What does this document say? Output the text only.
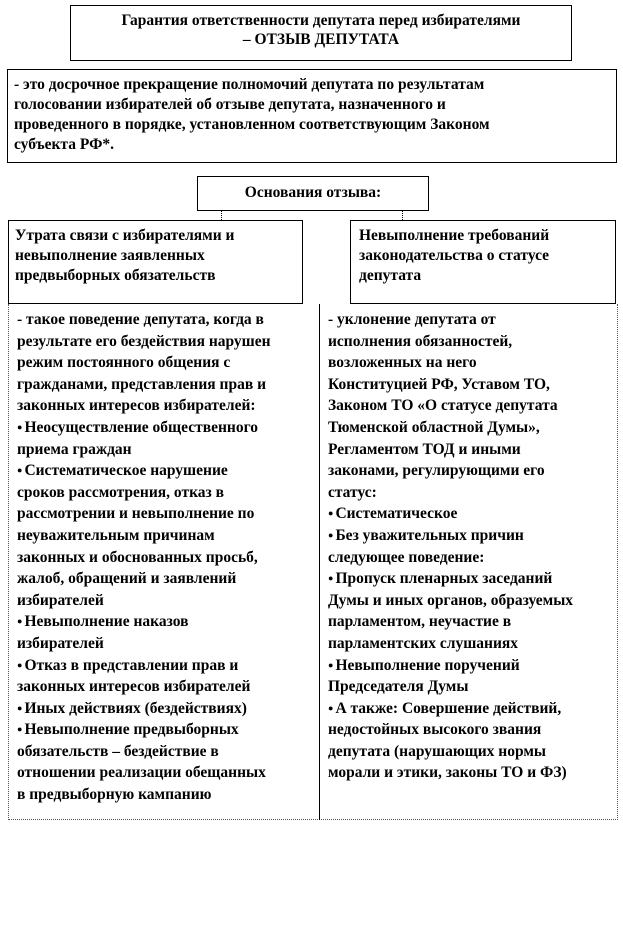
Гарантия ответственности депутата перед избирателями
– ОТЗЫВ ДЕПУТАТА
- это досрочное прекращение полномочий депутата по результатам
голосовании избирателей об отзыве депутата, назначенного и
проведенного в порядке, установленном соответствующим Законом
субъекта РФ*.
Основания отзыва:
Утрата связи с избирателями и
невыполнение заявленных
предвыборных обязательств
Невыполнение требований
законодательства о статусе
депутата
- такое поведение депутата, когда в
результате его бездействия нарушен
режим постоянного общения с
гражданами, представления прав и
законных интересов избирателей:
● Неосуществление общественного
приема граждан
● Систематическое нарушение
сроков рассмотрения, отказ в
рассмотрении и невыполнение по
неуважительным причинам
законных и обоснованных просьб,
жалоб, обращений и заявлений
избирателей
● Невыполнение наказов
избирателей
● Отказ в представлении прав и
законных интересов избирателей
● Иных действиях (бездействиях)
● Невыполнение предвыборных
обязательств – бездействие в
отношении реализации обещанных
в предвыборную кампанию
- уклонение депутата от
исполнения обязанностей,
возложенных на него
Конституцией РФ, Уставом ТО,
Законом ТО «О статусе депутата
Тюменской областной Думы»,
Регламентом ТОД и иными
законами, регулирующими его
статус:
● Систематическое
● Без уважительных причин
следующее поведение:
● Пропуск пленарных заседаний
Думы и иных органов, образуемых
парламентом, неучастие в
парламентских слушаниях
● Невыполнение поручений
Председателя Думы
● А также: Совершение действий,
недостойных высокого звания
депутата (нарушающих нормы
морали и этики, законы ТО и ФЗ)
